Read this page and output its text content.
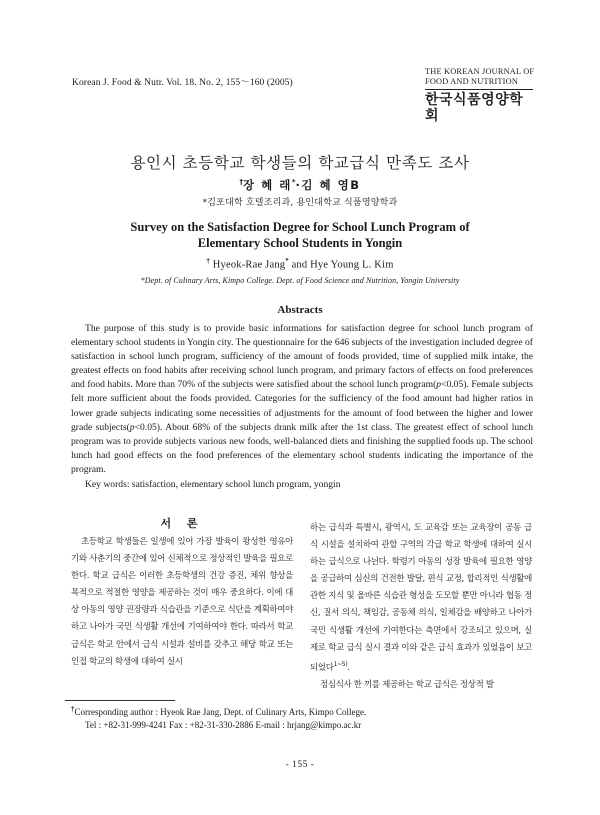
Korean J. Food & Nutr. Vol. 18. No. 2, 155～160 (2005)
THE KOREAN JOURNAL OF
FOOD AND NUTRITION
한국식품영양학회
용인시 초등학교 학생들의 학교급식 만족도 조사
†장 혜 래*·김 혜 영B
*김포대학 호텔조리과, 용인대학교 식품영양학과
Survey on the Satisfaction Degree for School Lunch Program of
Elementary School Students in Yongin
† Hyeok-Rae Jang* and Hye Young L. Kim
*Dept. of Culinary Arts, Kimpo College. Dept. of Food Science and Nutrition, Yongin University
Abstracts

The purpose of this study is to provide basic informations for satisfaction degree for school lunch program of elementary school students in Yongin city. The questionnaire for the 646 subjects of the investigation included degree of satisfaction in school lunch program, sufficiency of the amount of foods provided, time of supplied milk intake, the greatest effects on food habits after receiving school lunch program, and primary factors of effects on food preferences and food habits. More than 70% of the subjects were satisfied about the school lunch program(p<0.05). Female subjects felt more sufficient about the foods provided. Categories for the sufficiency of the food amount had higher ratios in lower grade subjects indicating some necessities of adjustments for the amount of food between the higher and lower grade subjects(p<0.05). About 68% of the subjects drank milk after the 1st class. The greatest effect of school lunch program was to provide subjects various new foods, well-balanced diets and finishing the supplied foods up. The school lunch had good effects on the food preferences of the elementary school students indicating the importance of the program.

Key words: satisfaction, elementary school lunch program, yongin
서 론

초등학교 학생들은 일생에 있어 가장 발육이 왕성한 영유아기와 사춘기의 중간에 있어 신체적으로 정상적인 발육을 필요로 한다. 학교 급식은 이러한 초등학생의 건강 증진, 체위 향상을 목적으로 적절한 영양을 제공하는 것이 매우 중요하다. 이에 대상 아동의 영양 권장량과 식습관을 기준으로 식단을 계획하여야 하고 나아가 국민 식생활 개선에 기여하여야 한다. 따라서 학교 급식은 학교 안에서 급식 시설과 설비를 갖추고 해당 학교 또는 인접 학교의 학생에 대하여 실시

하는 급식과 특별시, 광역시, 도 교육감 또는 교육장이 공동 급식 시설을 설치하여 관할 구역의 각급 학교 학생에 대하여 실시하는 급식으로 나뉜다. 학령기 아동의 성장 발육에 필요한 영양을 공급하여 심신의 건전한 발달, 편식 교정, 합리적인 식생활에 관한 지식 및 올바른 식습관 형성을 도모할 뿐만 아니라 협동 정신, 질서 의식, 책임감, 공동체 의식, 일체감을 배양하고 나아가 국민 식생활 개선에 기여한다는 측면에서 강조되고 있으며, 실제로 학교 급식 실시 결과 이와 같은 급식 효과가 있었음이 보고되었다$^{1\sim 5)}$.

점심식사 한 끼를 제공하는 학교 급식은 정상적 발

†Corresponding author : Hyeok Rae Jang, Dept. of Culinary Arts, Kimpo College.
Tel : +82-31-999-4241 Fax : +82-31-330-2886 E-mail : hrjang@kimpo.ac.kr
- 155 -
